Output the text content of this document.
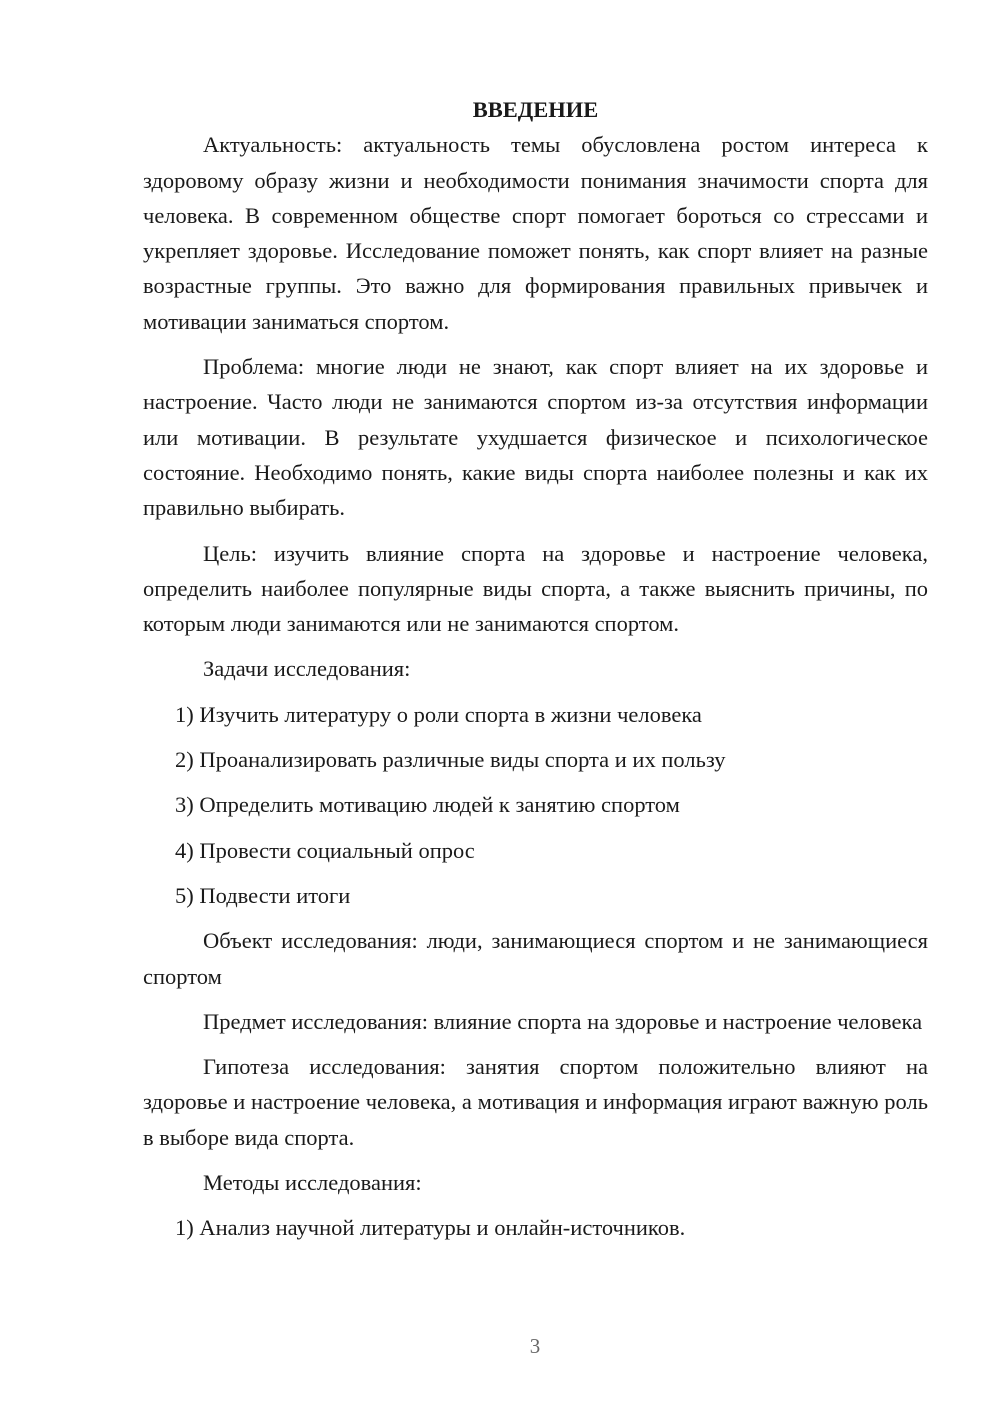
ВВЕДЕНИЕ

Актуальность: актуальность темы обусловлена ростом интереса к здоровому образу жизни и необходимости понимания значимости спорта для человека. В современном обществе спорт помогает бороться со стрессами и укрепляет здоровье. Исследование поможет понять, как спорт влияет на разные возрастные группы. Это важно для формирования правильных привычек и мотивации заниматься спортом.

Проблема: многие люди не знают, как спорт влияет на их здоровье и настроение. Часто люди не занимаются спортом из-за отсутствия информации или мотивации. В результате ухудшается физическое и психологическое состояние. Необходимо понять, какие виды спорта наиболее полезны и как их правильно выбирать.

Цель: изучить влияние спорта на здоровье и настроение человека, определить наиболее популярные виды спорта, а также выяснить причины, по которым люди занимаются или не занимаются спортом.

Задачи исследования:

1) Изучить литературу о роли спорта в жизни человека
2) Проанализировать различные виды спорта и их пользу
3) Определить мотивацию людей к занятию спортом
4) Провести социальный опрос
5) Подвести итоги

Объект исследования: люди, занимающиеся спортом и не занимающиеся спортом

Предмет исследования: влияние спорта на здоровье и настроение человека

Гипотеза исследования: занятия спортом положительно влияют на здоровье и настроение человека, а мотивация и информация играют важную роль в выборе вида спорта.

Методы исследования:

1) Анализ научной литературы и онлайн-источников.
3
